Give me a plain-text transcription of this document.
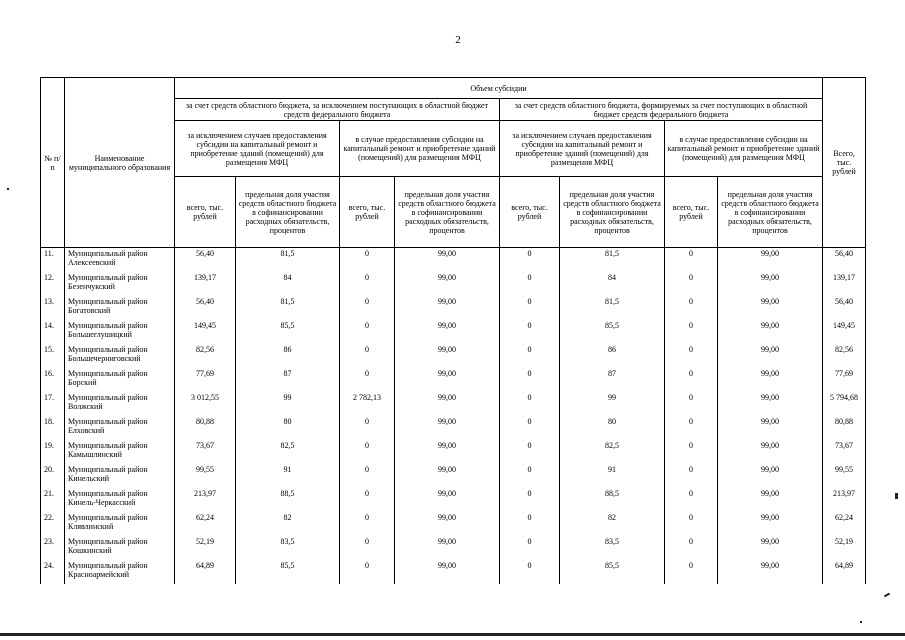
2
№ п/п	Наименование муниципального образования	Объем субсидии								Всего, тыс. рублей
		за счет средств областного бюджета, за исключением поступающих в областной бюджет средств федерального бюджета				за счет средств областного бюджета, формируемых за счет поступающих в областной бюджет средств федерального бюджета				
		за исключением случаев предоставления субсидии на капитальный ремонт и приобретение зданий (помещений) для размещения МФЦ		в случае предоставления субсидии на капитальный ремонт и приобретение зданий (помещений) для размещения МФЦ		за исключением случаев предоставления субсидии на капитальный ремонт и приобретение зданий (помещений) для размещения МФЦ		в случае предоставления субсидии на капитальный ремонт и приобретение зданий (помещений) для размещения МФЦ		
		всего, тыс. рублей	предельная доля участия средств областного бюджета в софинансировании расходных обязательств, процентов	всего, тыс. рублей	предельная доля участия средств областного бюджета в софинансировании расходных обязательств, процентов	всего, тыс. рублей	предельная доля участия средств областного бюджета в софинансировании расходных обязательств, процентов	всего, тыс. рублей	предельная доля участия средств областного бюджета в софинансировании расходных обязательств, процентов	
11.	Муниципальный район Алексеевский	56,40	81,5	0	99,00	0	81,5	0	99,00	56,40
12.	Муниципальный район Безенчукский	139,17	84	0	99,00	0	84	0	99,00	139,17
13.	Муниципальный район Богатовский	56,40	81,5	0	99,00	0	81,5	0	99,00	56,40
14.	Муниципальный район Большеглушицкий	149,45	85,5	0	99,00	0	85,5	0	99,00	149,45
15.	Муниципальный район Большечерниговский	82,56	86	0	99,00	0	86	0	99,00	82,56
16.	Муниципальный район Борский	77,69	87	0	99,00	0	87	0	99,00	77,69
17.	Муниципальный район Волжский	3 012,55	99	2 782,13	99,00	0	99	0	99,00	5 794,68
18.	Муниципальный район Елховский	80,88	80	0	99,00	0	80	0	99,00	80,88
19.	Муниципальный район Камышлинский	73,67	82,5	0	99,00	0	82,5	0	99,00	73,67
20.	Муниципальный район Кинельский	99,55	91	0	99,00	0	91	0	99,00	99,55
21.	Муниципальный район Кинель-Черкасский	213,97	88,5	0	99,00	0	88,5	0	99,00	213,97
22.	Муниципальный район Клявлинский	62,24	82	0	99,00	0	82	0	99,00	62,24
23.	Муниципальный район Кошкинский	52,19	83,5	0	99,00	0	83,5	0	99,00	52,19
24.	Муниципальный район Красноармейский	64,89	85,5	0	99,00	0	85,5	0	99,00	64,89
